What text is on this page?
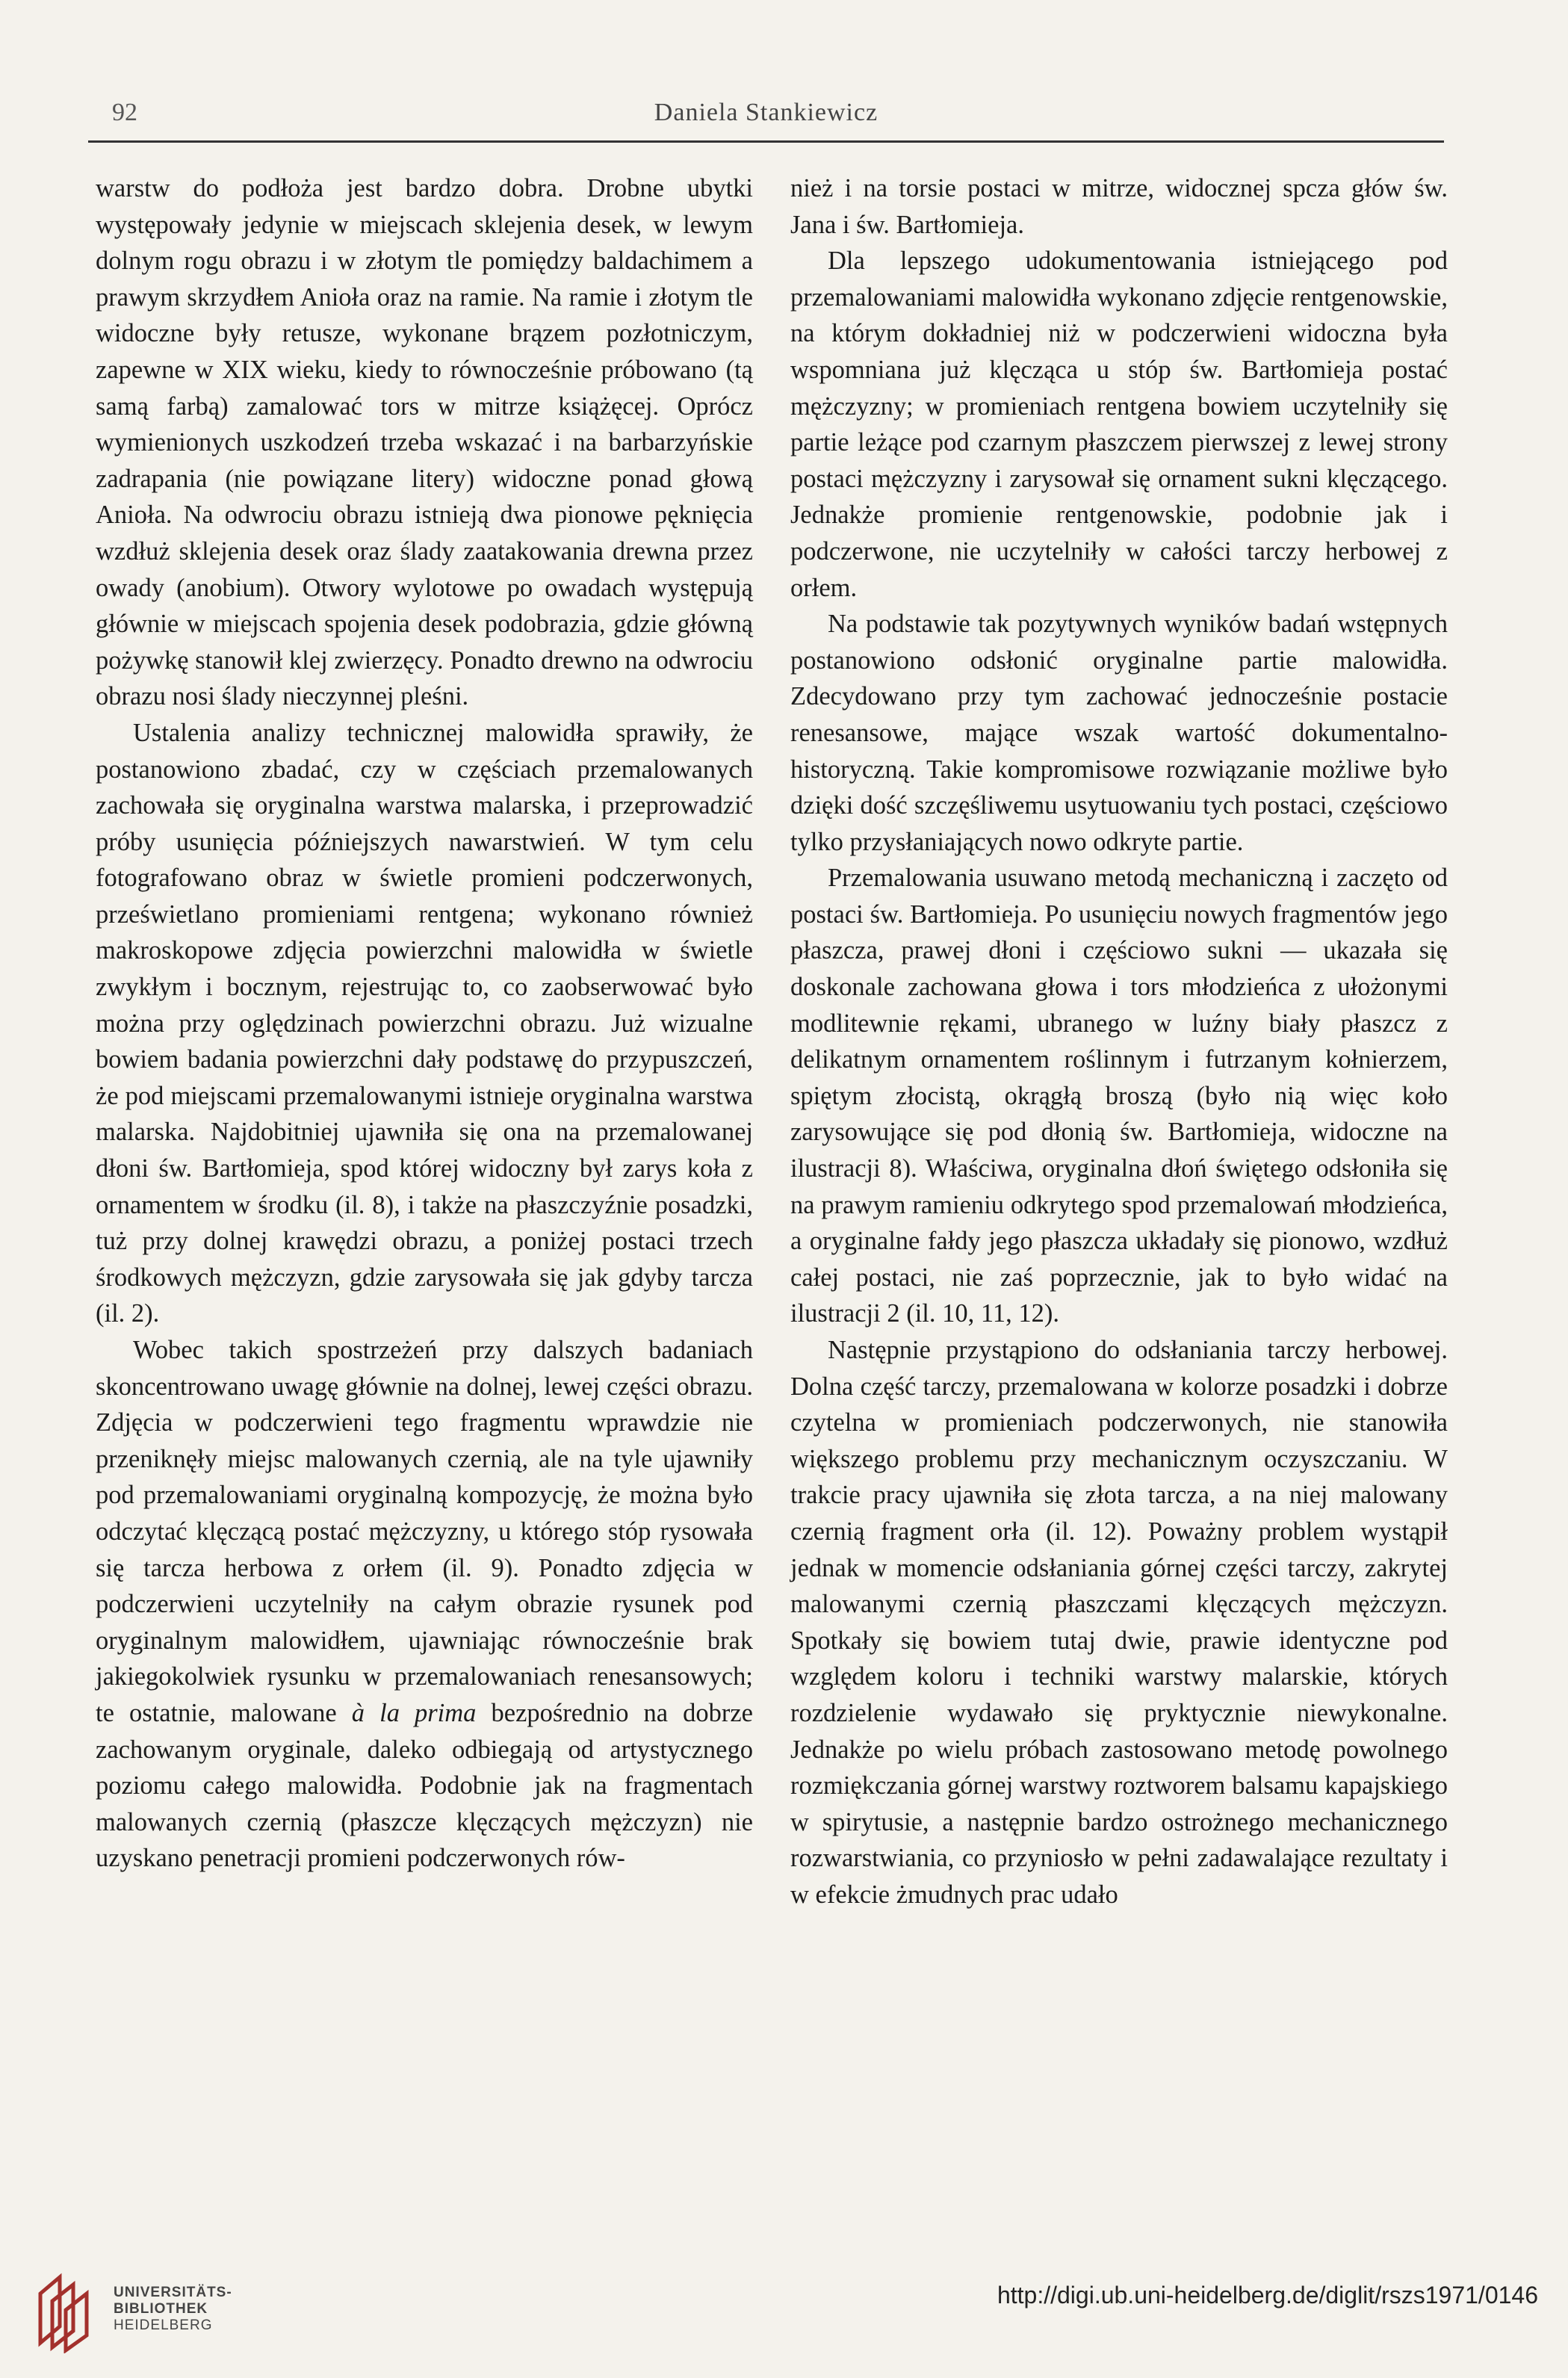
92	Daniela Stankiewicz

warstw do podłoża jest bardzo dobra. Drobne ubytki występowały jedynie w miejscach sklejenia desek, w lewym dolnym rogu obrazu i w złotym tle pomiędzy baldachimem a prawym skrzydłem Anioła oraz na ramie. Na ramie i złotym tle widoczne były retusze, wykonane brązem pozłotniczym, zapewne w XIX wieku, kiedy to równocześnie próbowano (tą samą farbą) zamalować tors w mitrze książęcej. Oprócz wymienionych uszkodzeń trzeba wskazać i na barbarzyńskie zadrapania (nie powiązane litery) widoczne ponad głową Anioła. Na odwrociu obrazu istnieją dwa pionowe pęknięcia wzdłuż sklejenia desek oraz ślady zaatakowania drewna przez owady (anobium). Otwory wylotowe po owadach występują głównie w miejscach spojenia desek podobrazia, gdzie główną pożywkę stanowił klej zwierzęcy. Ponadto drewno na odwrociu obrazu nosi ślady nieczynnej pleśni.

Ustalenia analizy technicznej malowidła sprawiły, że postanowiono zbadać, czy w częściach przemalowanych zachowała się oryginalna warstwa malarska, i przeprowadzić próby usunięcia późniejszych nawarstwień. W tym celu fotografowano obraz w świetle promieni podczerwonych, prześwietlano promieniami rentgena; wykonano również makroskopowe zdjęcia powierzchni malowidła w świetle zwykłym i bocznym, rejestrując to, co zaobserwować było można przy oględzinach powierzchni obrazu. Już wizualne bowiem badania powierzchni dały podstawę do przypuszczeń, że pod miejscami przemalowanymi istnieje oryginalna warstwa malarska. Najdobitniej ujawniła się ona na przemalowanej dłoni św. Bartłomieja, spod której widoczny był zarys koła z ornamentem w środku (il. 8), i także na płaszczyźnie posadzki, tuż przy dolnej krawędzi obrazu, a poniżej postaci trzech środkowych mężczyzn, gdzie zarysowała się jak gdyby tarcza (il. 2).

Wobec takich spostrzeżeń przy dalszych badaniach skoncentrowano uwagę głównie na dolnej, lewej części obrazu. Zdjęcia w podczerwieni tego fragmentu wprawdzie nie przeniknęły miejsc malowanych czernią, ale na tyle ujawniły pod przemalowaniami oryginalną kompozycję, że można było odczytać klęczącą postać mężczyzny, u którego stóp rysowała się tarcza herbowa z orłem (il. 9). Ponadto zdjęcia w podczerwieni uczytelniły na całym obrazie rysunek pod oryginalnym malowidłem, ujawniając równocześnie brak jakiegokolwiek rysunku w przemalowaniach renesansowych; te ostatnie, malowane à la prima bezpośrednio na dobrze zachowanym oryginale, daleko odbiegają od artystycznego poziomu całego malowidła. Podobnie jak na fragmentach malowanych czernią (płaszcze klęczących mężczyzn) nie uzyskano penetracji promieni podczerwonych rów-

nież i na torsie postaci w mitrze, widocznej spcza głów św. Jana i św. Bartłomieja.

Dla lepszego udokumentowania istniejącego pod przemalowaniami malowidła wykonano zdjęcie rentgenowskie, na którym dokładniej niż w podczerwieni widoczna była wspomniana już klęcząca u stóp św. Bartłomieja postać mężczyzny; w promieniach rentgena bowiem uczytelniły się partie leżące pod czarnym płaszczem pierwszej z lewej strony postaci mężczyzny i zarysował się ornament sukni klęczącego. Jednakże promienie rentgenowskie, podobnie jak i podczerwone, nie uczytelniły w całości tarczy herbowej z orłem.

Na podstawie tak pozytywnych wyników badań wstępnych postanowiono odsłonić oryginalne partie malowidła. Zdecydowano przy tym zachować jednocześnie postacie renesansowe, mające wszak wartość dokumentalno-historyczną. Takie kompromisowe rozwiązanie możliwe było dzięki dość szczęśliwemu usytuowaniu tych postaci, częściowo tylko przysłaniających nowo odkryte partie.

Przemalowania usuwano metodą mechaniczną i zaczęto od postaci św. Bartłomieja. Po usunięciu nowych fragmentów jego płaszcza, prawej dłoni i częściowo sukni — ukazała się doskonale zachowana głowa i tors młodzieńca z ułożonymi modlitewnie rękami, ubranego w luźny biały płaszcz z delikatnym ornamentem roślinnym i futrzanym kołnierzem, spiętym złocistą, okrągłą broszą (było nią więc koło zarysowujące się pod dłonią św. Bartłomieja, widoczne na ilustracji 8). Właściwa, oryginalna dłoń świętego odsłoniła się na prawym ramieniu odkrytego spod przemalowań młodzieńca, a oryginalne fałdy jego płaszcza układały się pionowo, wzdłuż całej postaci, nie zaś poprzecznie, jak to było widać na ilustracji 2 (il. 10, 11, 12).

Następnie przystąpiono do odsłaniania tarczy herbowej. Dolna część tarczy, przemalowana w kolorze posadzki i dobrze czytelna w promieniach podczerwonych, nie stanowiła większego problemu przy mechanicznym oczyszczaniu. W trakcie pracy ujawniła się złota tarcza, a na niej malowany czernią fragment orła (il. 12). Poważny problem wystąpił jednak w momencie odsłaniania górnej części tarczy, zakrytej malowanymi czernią płaszczami klęczących mężczyzn. Spotkały się bowiem tutaj dwie, prawie identyczne pod względem koloru i techniki warstwy malarskie, których rozdzielenie wydawało się pryktycznie niewykonalne. Jednakże po wielu próbach zastosowano metodę powolnego rozmiękczania górnej warstwy roztworem balsamu kapajskiego w spirytusie, a następnie bardzo ostrożnego mechanicznego rozwarstwiania, co przyniosło w pełni zadawalające rezultaty i w efekcie żmudnych prac udało

UNIVERSITÄTS-
BIBLIOTHEK
HEIDELBERG
http://digi.ub.uni-heidelberg.de/diglit/rszs1971/0146
